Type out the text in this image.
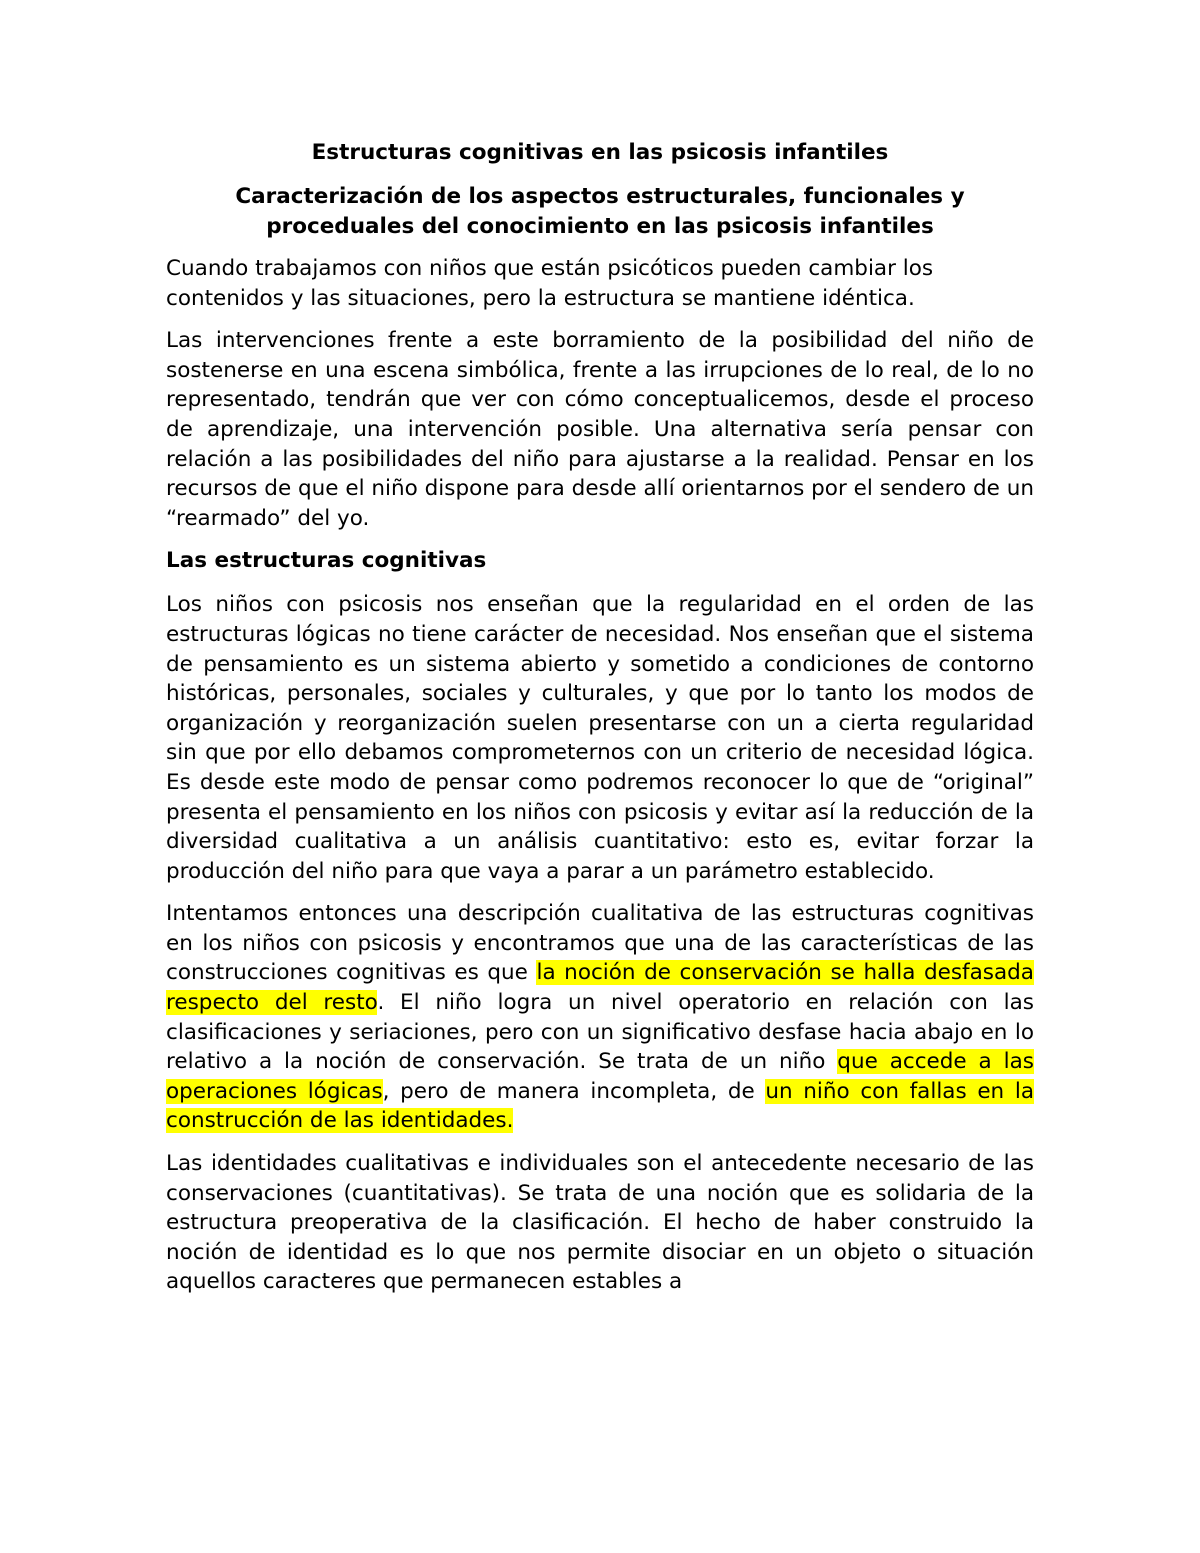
Estructuras cognitivas en las psicosis infantiles
Caracterización de los aspectos estructurales, funcionales y proceduales del conocimiento en las psicosis infantiles

Cuando trabajamos con niños que están psicóticos pueden cambiar los contenidos y las situaciones, pero la estructura se mantiene idéntica.

Las intervenciones frente a este borramiento de la posibilidad del niño de sostenerse en una escena simbólica, frente a las irrupciones de lo real, de lo no representado, tendrán que ver con cómo conceptualicemos, desde el proceso de aprendizaje, una intervención posible. Una alternativa sería pensar con relación a las posibilidades del niño para ajustarse a la realidad. Pensar en los recursos de que el niño dispone para desde allí orientarnos por el sendero de un “rearmado” del yo.

Las estructuras cognitivas

Los niños con psicosis nos enseñan que la regularidad en el orden de las estructuras lógicas no tiene carácter de necesidad. Nos enseñan que el sistema de pensamiento es un sistema abierto y sometido a condiciones de contorno históricas, personales, sociales y culturales, y que por lo tanto los modos de organización y reorganización suelen presentarse con un a cierta regularidad sin que por ello debamos comprometernos con un criterio de necesidad lógica. Es desde este modo de pensar como podremos reconocer lo que de “original” presenta el pensamiento en los niños con psicosis y evitar así la reducción de la diversidad cualitativa a un análisis cuantitativo: esto es, evitar forzar la producción del niño para que vaya a parar a un parámetro establecido.

Intentamos entonces una descripción cualitativa de las estructuras cognitivas en los niños con psicosis y encontramos que una de las características de las construcciones cognitivas es que la noción de conservación se halla desfasada respecto del resto. El niño logra un nivel operatorio en relación con las clasificaciones y seriaciones, pero con un significativo desfase hacia abajo en lo relativo a la noción de conservación. Se trata de un niño que accede a las operaciones lógicas, pero de manera incompleta, de un niño con fallas en la construcción de las identidades.

Las identidades cualitativas e individuales son el antecedente necesario de las conservaciones (cuantitativas). Se trata de una noción que es solidaria de la estructura preoperativa de la clasificación. El hecho de haber construido la noción de identidad es lo que nos permite disociar en un objeto o situación aquellos caracteres que permanecen estables a
